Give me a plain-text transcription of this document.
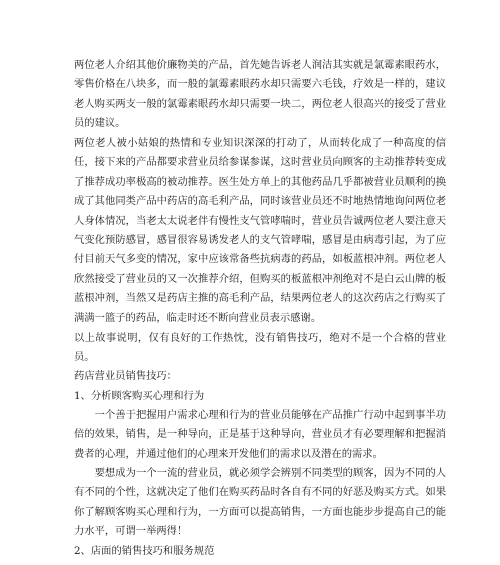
两位老人介绍其他价廉物美的产品，首先她告诉老人润洁其实就是氯霉素眼药水，零售价格在八块多，而一般的氯霉素眼药水却只需要六毛钱，疗效是一样的，建议老人购买两支一般的氯霉素眼药水却只需要一块二，两位老人很高兴的接受了营业员的建议。

两位老人被小姑娘的热情和专业知识深深的打动了，从而转化成了一种高度的信任，接下来的产品都要求营业员给参谋参谋，这时营业员向顾客的主动推荐转变成了推荐成功率极高的被动推荐。医生处方单上的其他药品几乎都被营业员顺利的换成了其他同类产品中药店的高毛利产品，同时该营业员还不时地热情地询问两位老人身体情况，当老太太说老伴有慢性支气管哮喘时，营业员告诚两位老人要注意天气变化预防感冒，感冒很容易诱发老人的支气管哮喘，感冒是由病毒引起，为了应付目前天气多变的情况，家中应该常备些抗病毒的药品，如板蓝根冲剂。两位老人欣然接受了营业员的又一次推荐介绍，但购买的板蓝根冲剂绝对不是白云山牌的板蓝根冲剂，当然又是药店主推的高毛利产品，结果两位老人的这次药店之行购买了满满一篮子的药品，临走时还不断向营业员表示感谢。

以上故事说明，仅有良好的工作热忱，没有销售技巧，绝对不是一个合格的营业员。

药店营业员销售技巧：
1、分析顾客购买心理和行为

一个善于把握用户需求心理和行为的营业员能够在产品推广行动中起到事半功倍的效果，销售，是一种导向，正是基于这种导向，营业员才有必要理解和把握消费者的心理，并通过他们的心理来开发他们的需求以及潜在的需求。

要想成为一个一流的营业员，就必须学会辨别不同类型的顾客，因为不同的人有不同的个性，这就决定了他们在购买药品时各自有不同的好恶及购买方式。如果你了解顾客购买心理和行为，一方面可以提高销售，一方面也能步步提高自己的能力水平，可谓一举两得！

2、店面的销售技巧和服务规范
